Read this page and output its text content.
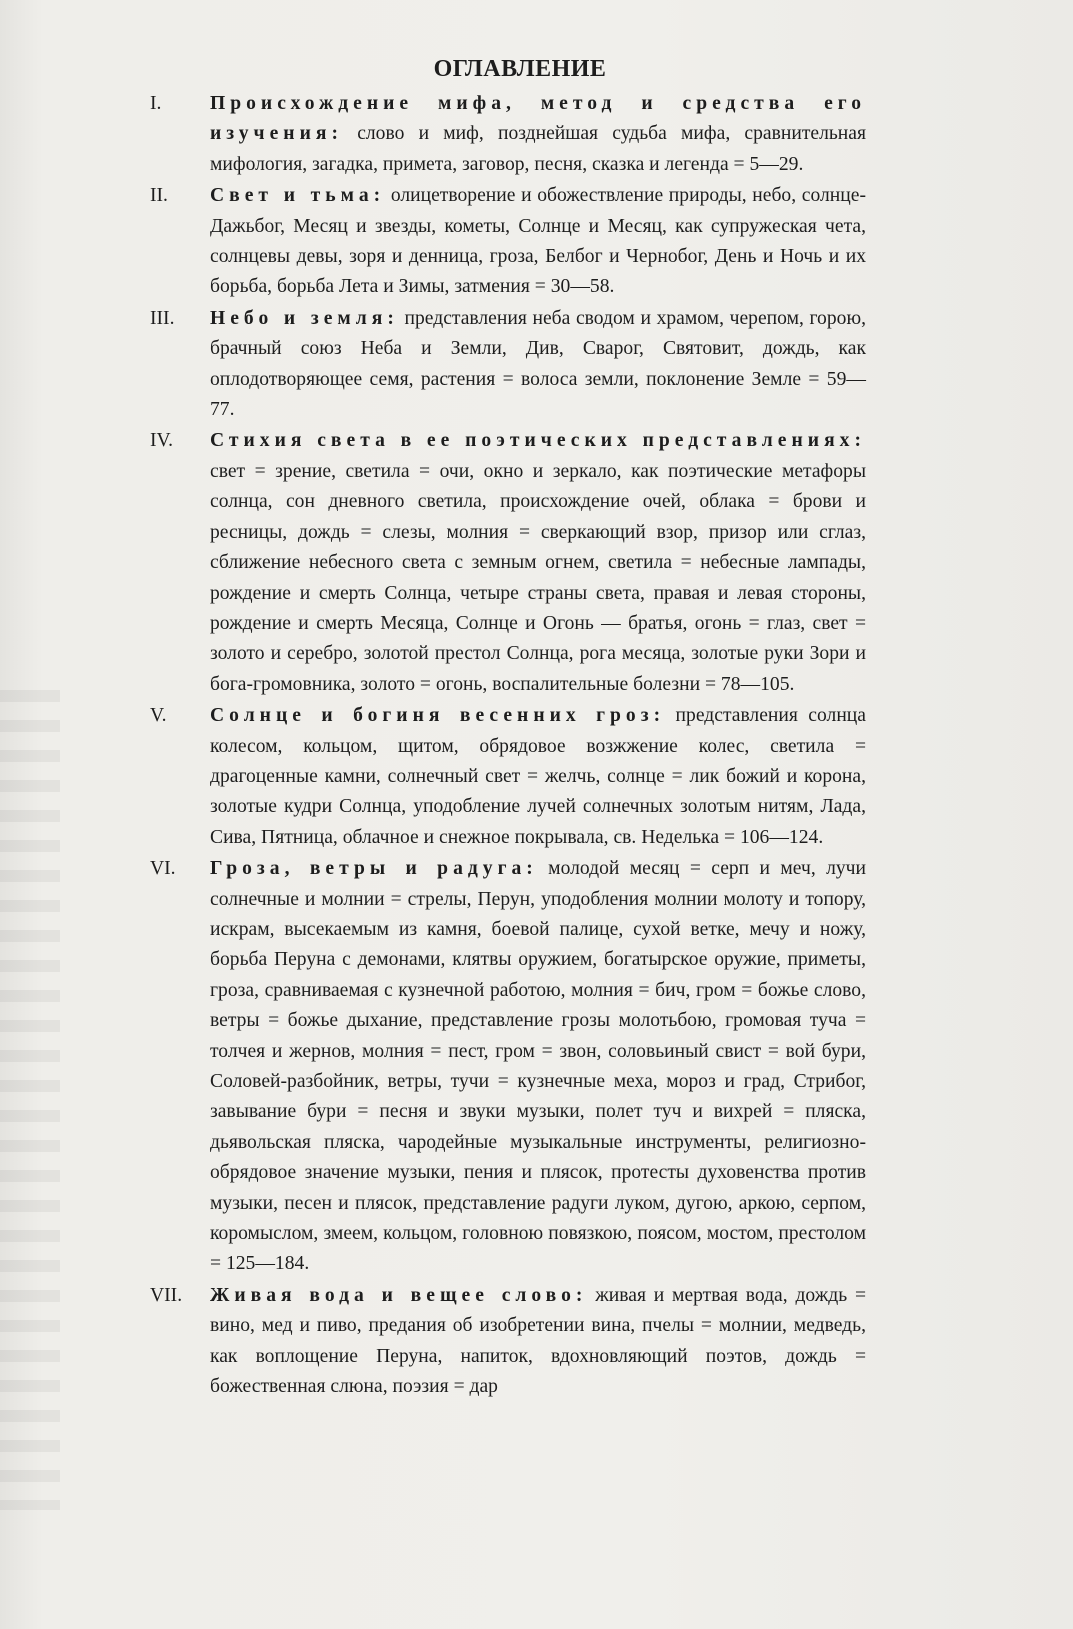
ОГЛАВЛЕНИЕ
I.	Происхождение мифа, метод и средства его изучения: слово и миф, позднейшая судьба мифа, сравнительная мифология, загадка, примета, заговор, песня, сказка и легенда = 5—29.
II.	Свет и тьма: олицетворение и обожествление природы, небо, солнце-Дажьбог, Месяц и звезды, кометы, Солнце и Месяц, как супружеская чета, солнцевы девы, зоря и денница, гроза, Белбог и Чернобог, День и Ночь и их борьба, борьба Лета и Зимы, затмения = 30—58.
III.	Небо и земля: представления неба сводом и храмом, черепом, горою, брачный союз Неба и Земли, Див, Сварог, Святовит, дождь, как оплодотворяющее семя, растения = волоса земли, поклонение Земле = 59—77.
IV.	Стихия света в ее поэтических представлениях: свет = зрение, светила = очи, окно и зеркало, как поэтические метафоры солнца, сон дневного светила, происхождение очей, облака = брови и ресницы, дождь = слезы, молния = сверкающий взор, призор или сглаз, сближение небесного света с земным огнем, светила = небесные лампады, рождение и смерть Солнца, четыре страны света, правая и левая стороны, рождение и смерть Месяца, Солнце и Огонь — братья, огонь = глаз, свет = золото и серебро, золотой престол Солнца, рога месяца, золотые руки Зори и бога-громовника, золото = огонь, воспалительные болезни = 78—105.
V.	Солнце и богиня весенних гроз: представления солнца колесом, кольцом, щитом, обрядовое возжжение колес, светила = драгоценные камни, солнечный свет = желчь, солнце = лик божий и корона, золотые кудри Солнца, уподобление лучей солнечных золотым нитям, Лада, Сива, Пятница, облачное и снежное покрывала, св. Неделька = 106—124.
VI.	Гроза, ветры и радуга: молодой месяц = серп и меч, лучи солнечные и молнии = стрелы, Перун, уподобления молнии молоту и топору, искрам, высекаемым из камня, боевой палице, сухой ветке, мечу и ножу, борьба Перуна с демонами, клятвы оружием, богатырское оружие, приметы, гроза, сравниваемая с кузнечной работою, молния = бич, гром = божье слово, ветры = божье дыхание, представление грозы молотьбою, громовая туча = толчея и жернов, молния = пест, гром = звон, соловьиный свист = вой бури, Соловей-разбойник, ветры, тучи = кузнечные меха, мороз и град, Стрибог, завывание бури = песня и звуки музыки, полет туч и вихрей = пляска, дьявольская пляска, чародейные музыкальные инструменты, религиозно-обрядовое значение музыки, пения и плясок, протесты духовенства против музыки, песен и плясок, представление радуги луком, дугою, аркою, серпом, коромыслом, змеем, кольцом, головною повязкою, поясом, мостом, престолом = 125—184.
VII.	Живая вода и вещее слово: живая и мертвая вода, дождь = вино, мед и пиво, предания об изобретении вина, пчелы = молнии, медведь, как воплощение Перуна, напиток, вдохновляющий поэтов, дождь = божественная слюна, поэзия = дар
